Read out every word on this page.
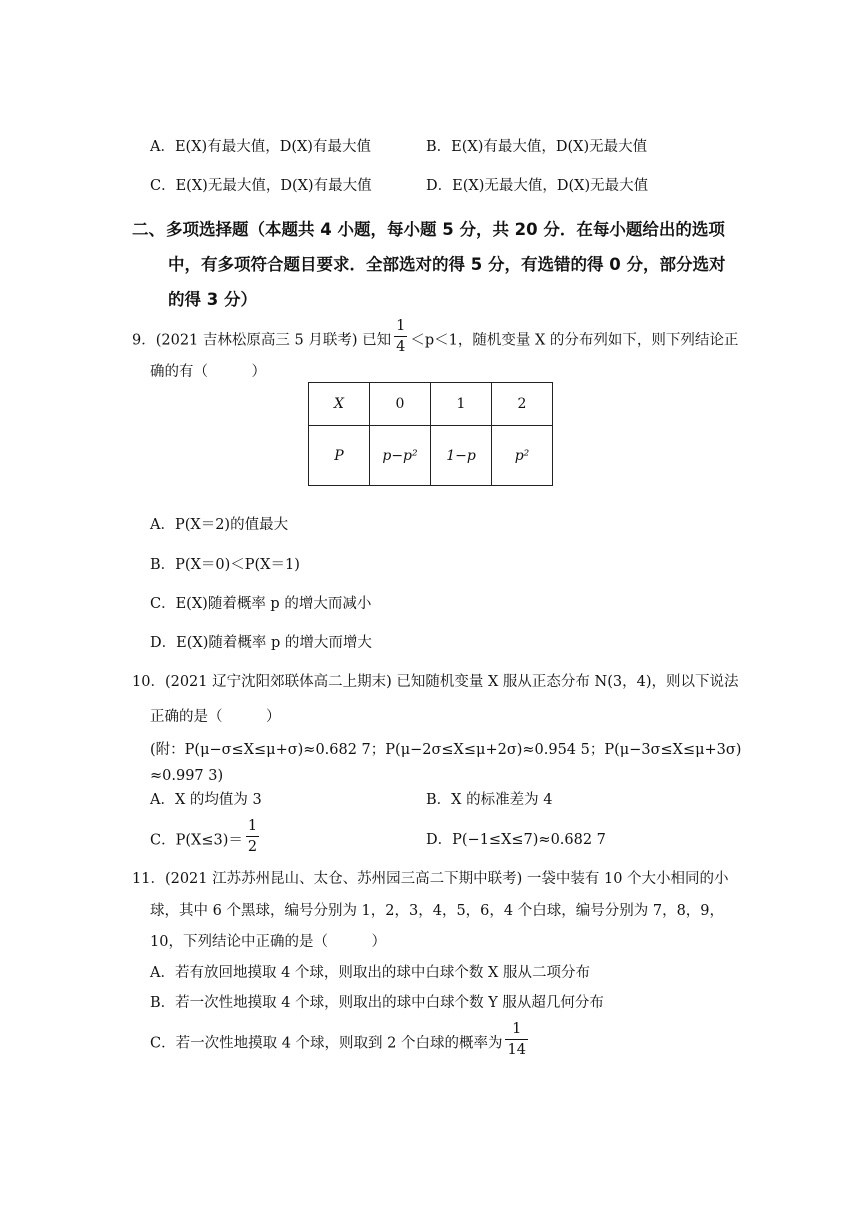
A．E(X)有最大值，D(X)有最大值	B．E(X)有最大值，D(X)无最大值
C．E(X)无最大值，D(X)有最大值	D．E(X)无最大值，D(X)无最大值
二、 多项选择题（本题共 4 小题，每小题 5 分，共 20 分．在每小题给出的选项中，有多项符合题目要求．全部选对的得 5 分，有选错的得 0 分，部分选对的得 3 分）
9．(2021 吉林松原高三 5 月联考) 已知 $\frac{1}{4} <p<1$，随机变量 X 的分布列如下，则下列结论正
确的有（　　　）
X	0	1	2
P	p−p²	1−p	p²
A．P(X＝2)的值最大
B．P(X＝0)＜P(X＝1)
C．E(X)随着概率 p 的增大而减小
D．E(X)随着概率 p 的增大而增大
10．(2021 辽宁沈阳郊联体高二上期末) 已知随机变量 X 服从正态分布 N(3，4)，则以下说法
正确的是（　　　）
(附：P(μ−σ≤X≤μ+σ)≈0.682 7；P(μ−2σ≤X≤μ+2σ)≈0.954 5；P(μ−3σ≤X≤μ+3σ)
≈0.997 3)
A．X 的均值为 3	B．X 的标准差为 4
C．$P(X\le 3)= \frac{1}{2}$	D．P(−1≤X≤7)≈0.682 7
11．(2021 江苏苏州昆山、太仓、苏州园三高二下期中联考) 一袋中装有 10 个大小相同的小
球，其中 6 个黑球，编号分别为 1，2，3，4，5，6，4 个白球，编号分别为 7，8，9，
10，下列结论中正确的是（　　　）
A．若有放回地摸取 4 个球，则取出的球中白球个数 X 服从二项分布
B．若一次性地摸取 4 个球，则取出的球中白球个数 Y 服从超几何分布
C．若一次性地摸取 4 个球，则取到 2 个白球的概率为 $\frac{1}{14}$
